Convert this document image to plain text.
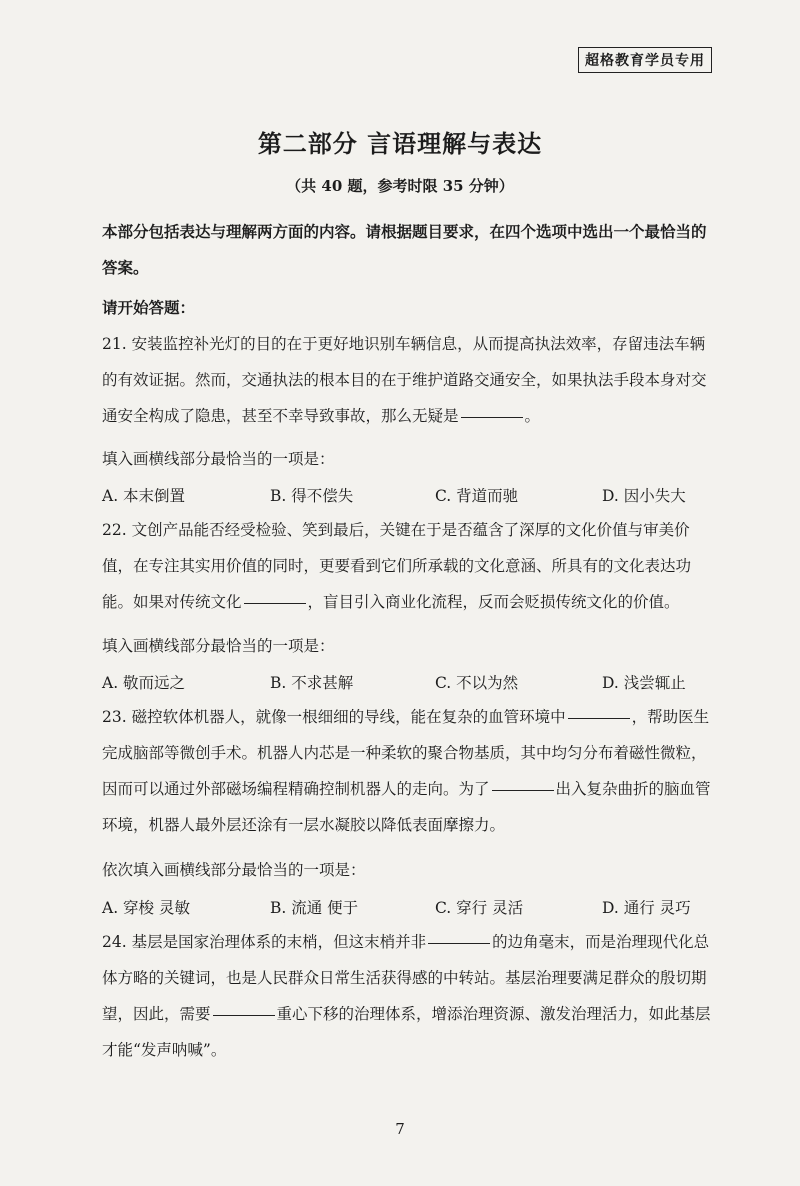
超格教育学员专用
第二部分 言语理解与表达
（共 40 题，参考时限 35 分钟）
本部分包括表达与理解两方面的内容。请根据题目要求，在四个选项中选出一个最恰当的答案。
请开始答题：
21. 安装监控补光灯的目的在于更好地识别车辆信息，从而提高执法效率，存留违法车辆的有效证据。然而，交通执法的根本目的在于维护道路交通安全，如果执法手段本身对交通安全构成了隐患，甚至不幸导致事故，那么无疑是	。
填入画横线部分最恰当的一项是：
A. 本末倒置	B. 得不偿失	C. 背道而驰	D. 因小失大
22. 文创产品能否经受检验、笑到最后，关键在于是否蕴含了深厚的文化价值与审美价值，在专注其实用价值的同时，更要看到它们所承载的文化意涵、所具有的文化表达功能。如果对传统文化	，盲目引入商业化流程，反而会贬损传统文化的价值。
填入画横线部分最恰当的一项是：
A. 敬而远之	B. 不求甚解	C. 不以为然	D. 浅尝辄止
23. 磁控软体机器人，就像一根细细的导线，能在复杂的血管环境中	，帮助医生完成脑部等微创手术。机器人内芯是一种柔软的聚合物基质，其中均匀分布着磁性微粒，因而可以通过外部磁场编程精确控制机器人的走向。为了	出入复杂曲折的脑血管环境，机器人最外层还涂有一层水凝胶以降低表面摩擦力。
依次填入画横线部分最恰当的一项是：
A. 穿梭 灵敏	B. 流通 便于	C. 穿行 灵活	D. 通行 灵巧
24. 基层是国家治理体系的末梢，但这末梢并非	的边角毫末，而是治理现代化总体方略的关键词，也是人民群众日常生活获得感的中转站。基层治理要满足群众的殷切期望，因此，需要	重心下移的治理体系，增添治理资源、激发治理活力，如此基层才能“发声呐喊”。
7
